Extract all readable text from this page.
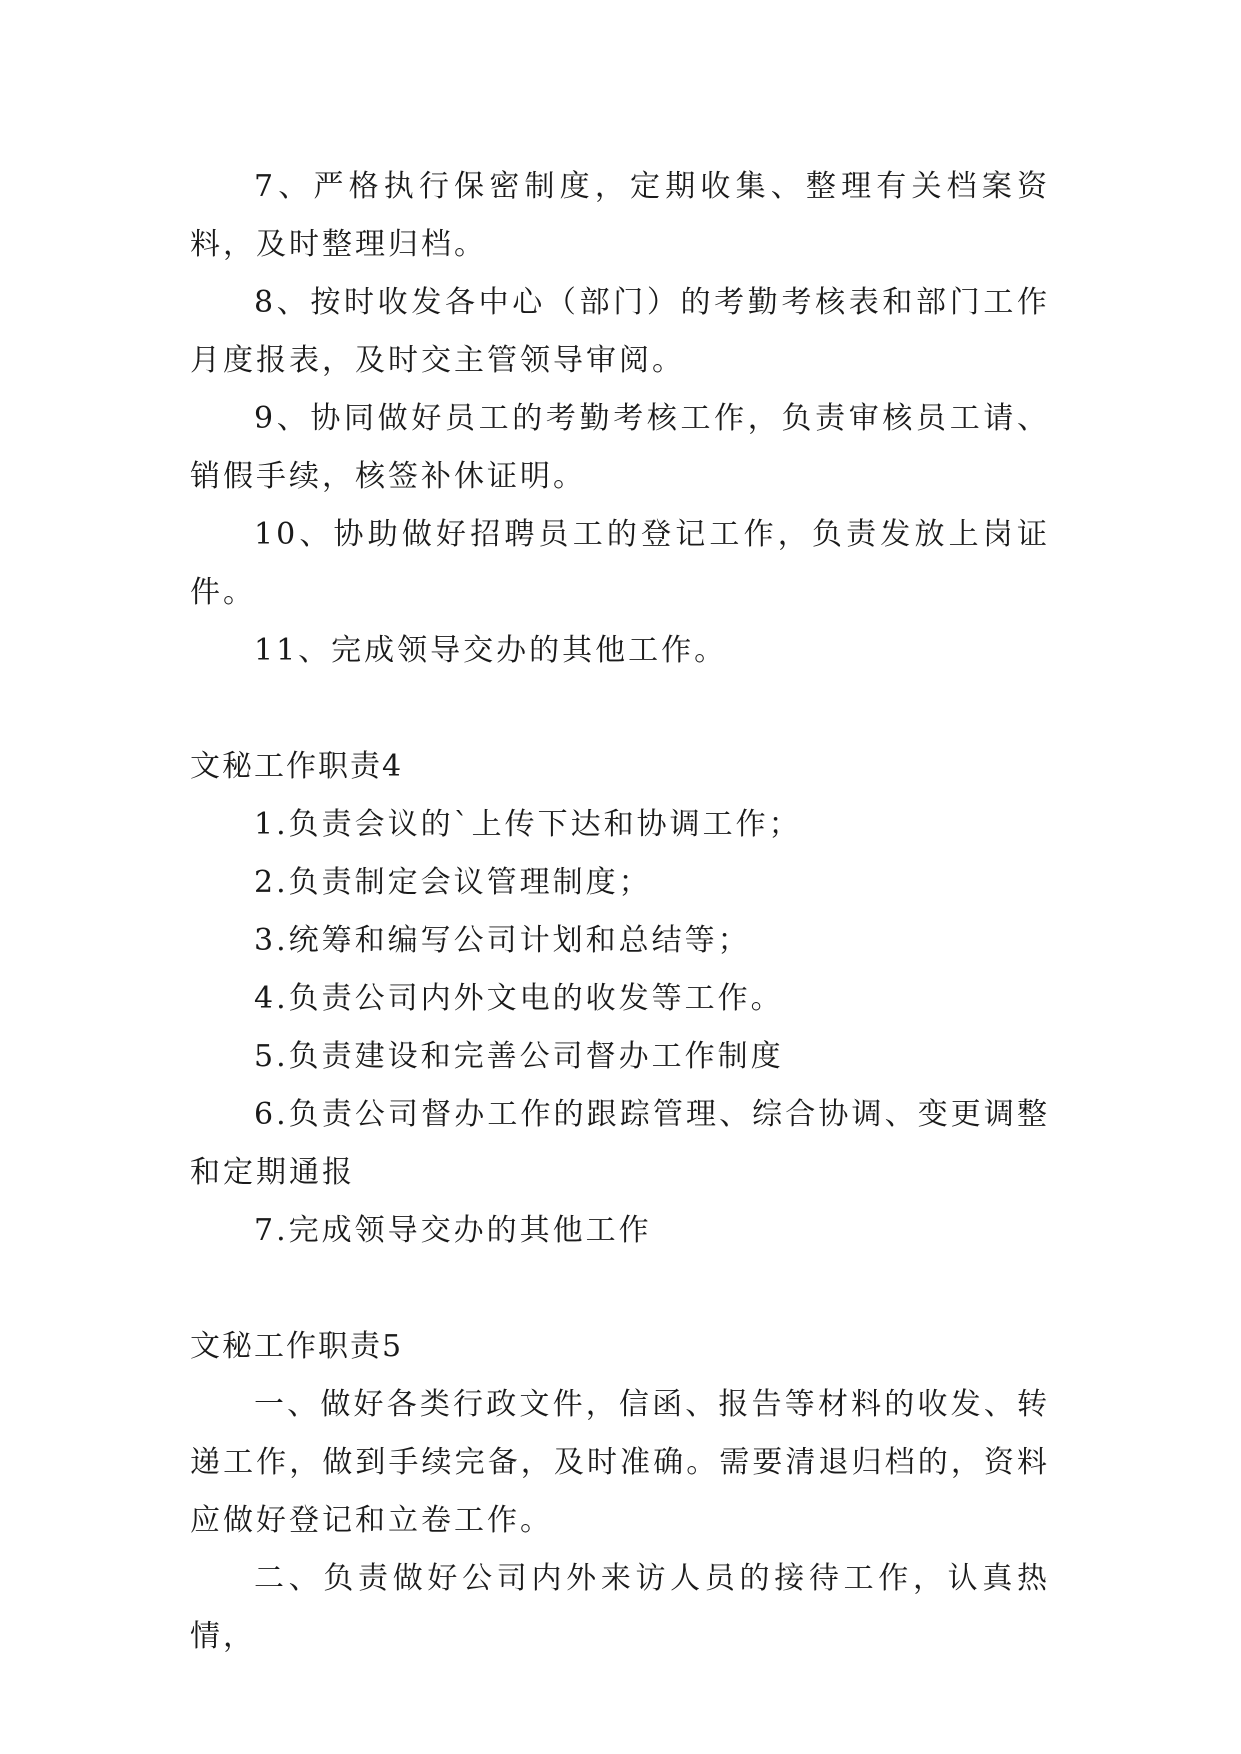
7、严格执行保密制度，定期收集、整理有关档案资料，及时整理归档。

8、按时收发各中心（部门）的考勤考核表和部门工作月度报表，及时交主管领导审阅。

9、协同做好员工的考勤考核工作，负责审核员工请、销假手续，核签补休证明。

10、协助做好招聘员工的登记工作，负责发放上岗证件。

11、完成领导交办的其他工作。

文秘工作职责4

1.负责会议的`上传下达和协调工作；

2.负责制定会议管理制度；

3.统筹和编写公司计划和总结等；

4.负责公司内外文电的收发等工作。

5.负责建设和完善公司督办工作制度

6.负责公司督办工作的跟踪管理、综合协调、变更调整和定期通报

7.完成领导交办的其他工作

文秘工作职责5

一、做好各类行政文件，信函、报告等材料的收发、转递工作，做到手续完备，及时准确。需要清退归档的，资料应做好登记和立卷工作。

二、负责做好公司内外来访人员的接待工作，认真热情，
